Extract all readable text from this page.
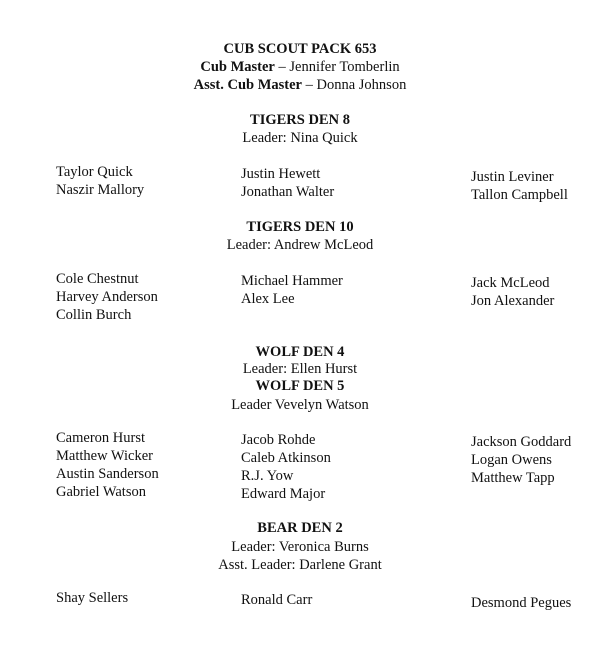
CUB SCOUT PACK 653
Cub Master – Jennifer Tomberlin
Asst. Cub Master – Donna Johnson
TIGERS DEN 8
Leader: Nina Quick
Taylor Quick
Naszir Mallory
Justin Hewett
Jonathan Walter
Justin Leviner
Tallon Campbell
TIGERS DEN 10
Leader: Andrew McLeod
Cole Chestnut
Harvey Anderson
Collin Burch
Michael Hammer
Alex Lee
Jack McLeod
Jon Alexander
WOLF DEN 4
Leader: Ellen Hurst
WOLF DEN 5
Leader Vevelyn Watson
Cameron Hurst
Matthew Wicker
Austin Sanderson
Gabriel Watson
Jacob Rohde
Caleb Atkinson
R.J. Yow
Edward Major
Jackson Goddard
Logan Owens
Matthew Tapp
BEAR DEN 2
Leader: Veronica Burns
Asst. Leader: Darlene Grant
Shay Sellers	Ronald Carr	Desmond Pegues
